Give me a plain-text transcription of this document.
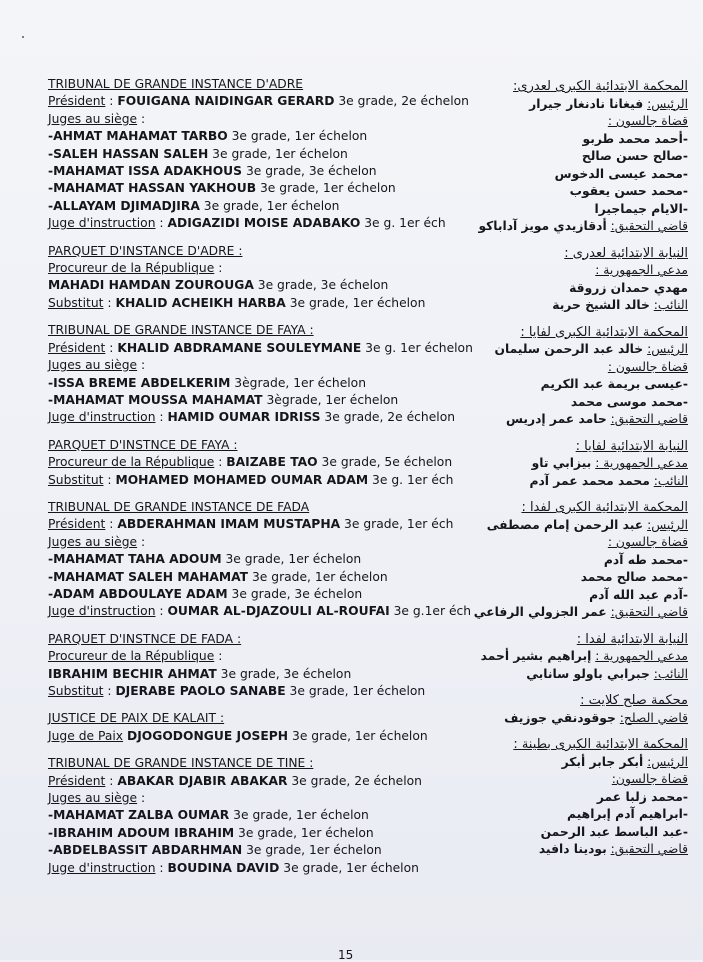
TRIBUNAL DE GRANDE INSTANCE D'ADRE
Président : FOUIGANA NAIDINGAR GERARD 3e grade, 2e échelon
Juges au siège :
-AHMAT MAHAMAT TARBO 3e grade, 1er échelon
-SALEH HASSAN SALEH 3e grade, 1er échelon
-MAHAMAT ISSA ADAKHOUS 3e grade, 3e échelon
-MAHAMAT HASSAN YAKHOUB 3e grade, 1er échelon
-ALLAYAM DJIMADJIRA 3e grade, 1er échelon
Juge d'instruction : ADIGAZIDI MOISE ADABAKO 3e g. 1er éch
PARQUET D'INSTANCE D'ADRE :
Procureur de la République :
MAHADI HAMDAN ZOUROUGA 3e grade, 3e échelon
Substitut : KHALID ACHEIKH HARBA 3e grade, 1er échelon
TRIBUNAL DE GRANDE INSTANCE DE FAYA :
Président : KHALID ABDRAMANE SOULEYMANE 3e g. 1er échelon
Juges au siège :
-ISSA BREME ABDELKERIM 3ègrade, 1er échelon
-MAHAMAT MOUSSA MAHAMAT 3ègrade, 1er échelon
Juge d'instruction : HAMID OUMAR IDRISS 3e grade, 2e échelon
PARQUET D'INSTNCE DE FAYA :
Procureur de la République : BAIZABE TAO 3e grade, 5e échelon
Substitut : MOHAMED MOHAMED OUMAR ADAM 3e g. 1er éch
TRIBUNAL DE GRANDE INSTANCE DE FADA
Président : ABDERAHMAN IMAM MUSTAPHA 3e grade, 1er éch
Juges au siège :
-MAHAMAT TAHA ADOUM 3e grade, 1er échelon
-MAHAMAT SALEH MAHAMAT 3e grade, 1er échelon
-ADAM ABDOULAYE ADAM 3e grade, 3e échelon
Juge d'instruction : OUMAR AL-DJAZOULI AL-ROUFAI 3e g.1er éch
PARQUET D'INSTNCE DE FADA :
Procureur de la République :
IBRAHIM BECHIR AHMAT 3e grade, 3e échelon
Substitut : DJERABE PAOLO SANABE 3e grade, 1er échelon
JUSTICE DE PAIX DE KALAIT :
Juge de Paix DJOGODONGUE JOSEPH 3e grade, 1er échelon
TRIBUNAL DE GRANDE INSTANCE DE TINE :
Président : ABAKAR DJABIR ABAKAR 3e grade, 2e échelon
Juges au siège :
-MAHAMAT ZALBA OUMAR 3e grade, 1er échelon
-IBRAHIM ADOUM IBRAHIM 3e grade, 1er échelon
-ABDELBASSIT ABDARHMAN 3e grade, 1er échelon
Juge d'instruction : BOUDINA DAVID 3e grade, 1er échelon
المحكمة الابتدائية الكبرى لعدرى:
الرئيس: فيغانا نادنغار جيرار
قضاة جالسون :
-أحمد محمد طربو
-صالح حسن صالح
-محمد عيسى الدخوس
-محمد حسن يعقوب
-الايام جيماجيرا
قاضي التحقيق: أدقازيدي مويز آداباكو
النيابة الابتدائية لعدرى :
مدعي الجمهورية :
مهدي حمدان زروقة
النائب: خالد الشيخ حربة
المحكمة الابتدائية الكبرى لفايا :
الرئيس: خالد عبد الرحمن سليمان
قضاة جالسون :
-عيسى بريمة عبد الكريم
-محمد موسى محمد
قاضي التحقيق: حامد عمر إدريس
النيابة الابتدائية لفايا :
مدعي الجمهورية : بيزابي تاو
النائب: محمد محمد عمر آدم
المحكمة الابتدائية الكبرى لفدا :
الرئيس: عبد الرحمن إمام مصطفى
قضاة جالسون :
-محمد طه آدم
-محمد صالح محمد
-آدم عبد الله آدم
قاضي التحقيق: عمر الجزولي الرفاعي
النيابة الابتدائية لفدا :
مدعي الجمهورية : إبراهيم بشير أحمد
النائب: جبرابي باولو سانابي
محكمة صلح كلايت :
قاضي الصلح: جوقودنقي جوزيف
المحكمة الابتدائية الكبرى بطينة :
الرئيس: أبكر جابر أبكر
قضاة جالسون:
-محمد زلبا عمر
-ابراهيم آدم إبراهيم
-عبد الباسط عبد الرحمن
قاضي التحقيق: بودينا دافيد
15
